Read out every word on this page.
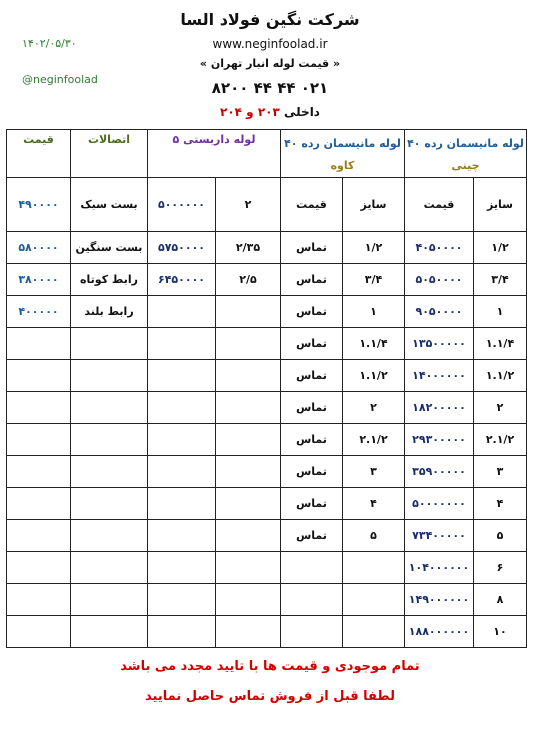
شرکت نگین فولاد السا
www.neginfoolad.ir
« قیمت لوله انبار تهران »
۰۲۱ ۴۴ ۴۴ ۸۲۰۰
داخلی ۲۰۳ و ۲۰۴
۱۴۰۲/۰۵/۳۰
@neginfoolad
قیمت	اتصالات	لوله داربستی ۵		لوله مانیسمان رده ۴۰
کاوه		لوله مانیسمان رده ۴۰
چینی	
۴۹۰۰۰۰	بست سبک	۵۰۰۰۰۰۰	۲	قیمت	سایز	قیمت	سایز
۵۸۰۰۰۰	بست سنگین	۵۷۵۰۰۰۰	۲/۳۵	تماس	۱/۲	۴۰۵۰۰۰۰	۱/۲
۳۸۰۰۰۰	رابط کوتاه	۶۴۵۰۰۰۰	۲/۵	تماس	۳/۴	۵۰۵۰۰۰۰	۳/۴
۴۰۰۰۰۰	رابط بلند			تماس	۱	۹۰۵۰۰۰۰	۱
				تماس	۱.۱/۴	۱۳۵۰۰۰۰۰	۱.۱/۴
				تماس	۱.۱/۲	۱۴۰۰۰۰۰۰	۱.۱/۲
				تماس	۲	۱۸۲۰۰۰۰۰	۲
				تماس	۲.۱/۲	۲۹۳۰۰۰۰۰	۲.۱/۲
				تماس	۳	۳۵۹۰۰۰۰۰	۳
				تماس	۴	۵۰۰۰۰۰۰۰	۴
				تماس	۵	۷۳۴۰۰۰۰۰	۵
						۱۰۴۰۰۰۰۰۰	۶
						۱۴۹۰۰۰۰۰۰	۸
						۱۸۸۰۰۰۰۰۰	۱۰
تمام موجودی و قیمت ها با تایید مجدد می باشد
لطفا قبل از فروش تماس حاصل نمایید
